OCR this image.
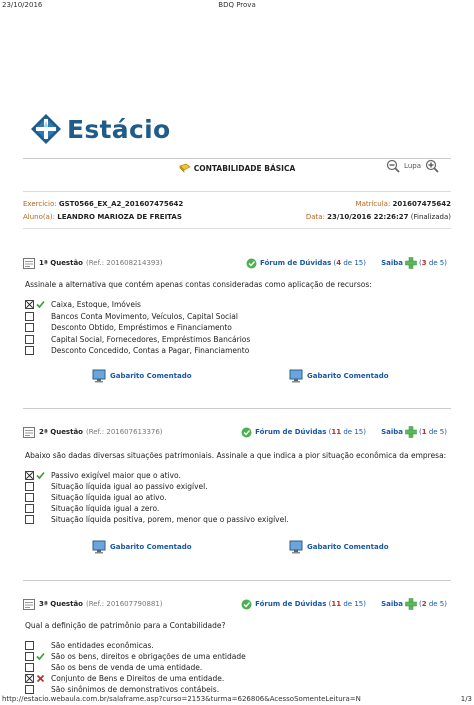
23/10/2016	BDQ Prova
Estácio
CONTABILIDADE BÁSICA	Lupa
Exercício: GST0566_EX_A2_201607475642	Matrícula: 201607475642
Aluno(a): LEANDRO MARIOZA DE FREITAS	Data: 23/10/2016 22:26:27 (Finalizada)
1ª Questão (Ref.: 201608214393)	Fórum de Dúvidas
( 4
de
15 ) Saiba ( 3
de
5 )
Assinale a alternativa que contém apenas contas consideradas como aplicação de recursos:
Caixa, Estoque, Imóveis
Bancos Conta Movimento, Veículos, Capital Social
Desconto Obtido, Empréstimos e Financiamento
Capital Social, Fornecedores, Empréstimos Bancários
Desconto Concedido, Contas a Pagar, Financiamento
Gabarito Comentado	Gabarito Comentado
2ª Questão (Ref.: 201607613376)	Fórum de Dúvidas
( 11
de
15 ) Saiba ( 1
de
5 )
Abaixo são dadas diversas situações patrimoniais. Assinale a que indica a pior situação econômica da empresa:
Passivo exigível maior que o ativo.
Situação líquida igual ao passivo exigível.
Situação líquida igual ao ativo.
Situação líquida igual a zero.
Situação líquida positiva, porem, menor que o passivo exigível.
Gabarito Comentado	Gabarito Comentado
3ª Questão (Ref.: 201607790881)	Fórum de Dúvidas
( 11
de
15 ) Saiba ( 2
de
5 )
Qual a definição de patrimônio para a Contabilidade?
São entidades econômicas.
São os bens, direitos e obrigações de uma entidade
São os bens de venda de uma entidade.
Conjunto de Bens e Direitos de uma entidade.
São sinônimos de demonstrativos contábeis.
http://estacio.webaula.com.br/salaframe.asp?curso=2153&turma=626806&AcessoSomenteLeitura=N	1/3
